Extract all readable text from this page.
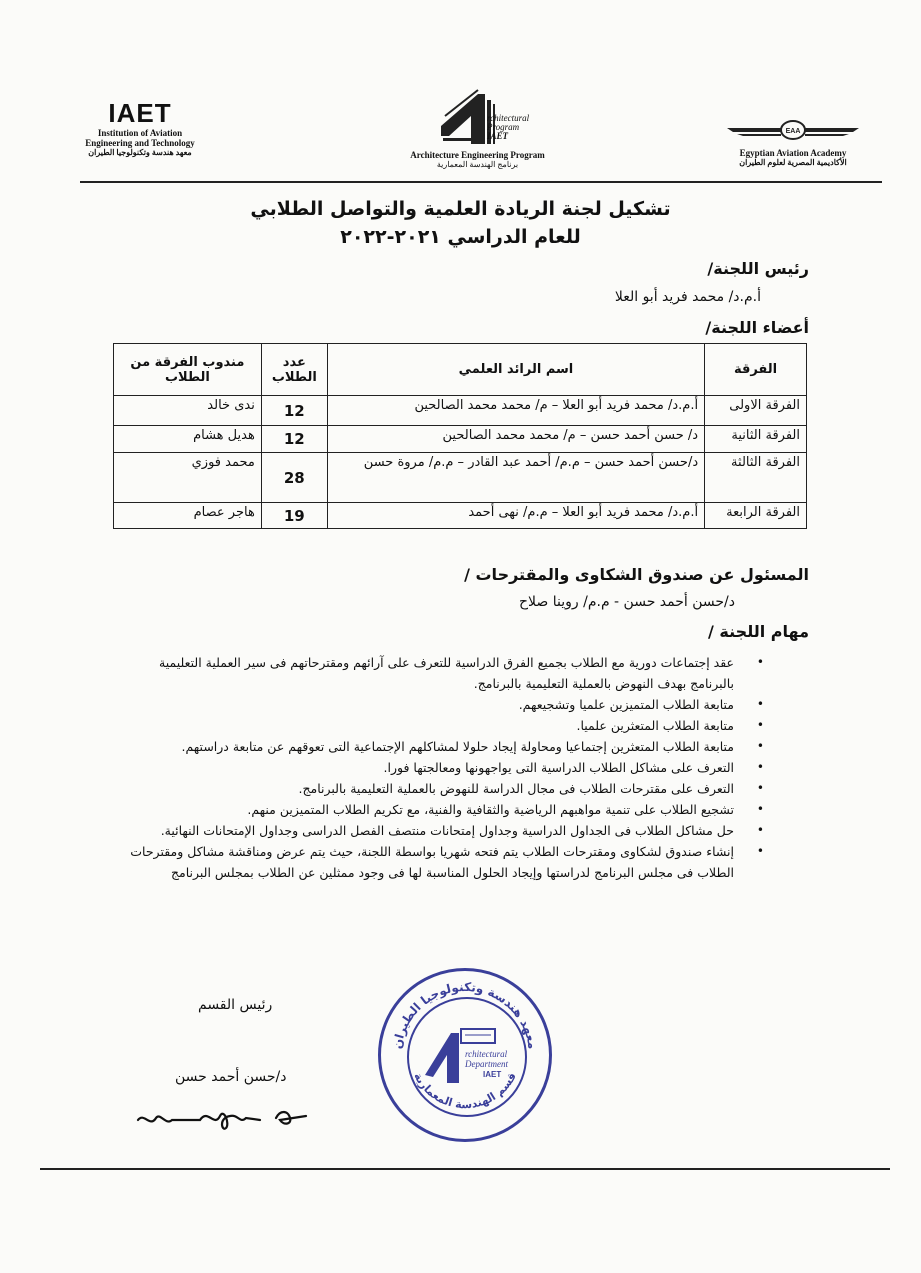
IAET
Institution of Aviation
Engineering and Technology
معهد هندسة وتكنولوجيا الطيران
rchitectural
Program
IAET
Architecture Engineering Program
برنامج الهندسة المعمارية
EAA
Egyptian Aviation Academy
الأكاديمية المصرية لعلوم الطيران
تشكيل لجنة الريادة العلمية والتواصل الطلابي
للعام الدراسي ٢٠٢١-٢٠٢٢
رئيس اللجنة/
أ.م.د/ محمد فريد أبو العلا
أعضاء اللجنة/
الفرقة	اسم الرائد العلمي	عدد الطلاب	مندوب الفرقة من الطلاب
الفرقة الاولى	أ.م.د/ محمد فريد أبو العلا – م/ محمد محمد الصالحين	12	ندى خالد
الفرقة الثانية	د/ حسن أحمد حسن – م/ محمد محمد الصالحين	12	هديل هشام
الفرقة الثالثة	د/حسن أحمد حسن – م.م/ أحمد عبد القادر – م.م/ مروة حسن	28	محمد فوزي
الفرقة الرابعة	أ.م.د/ محمد فريد أبو العلا – م.م/ نهى أحمد	19	هاجر عصام
المسئول عن صندوق الشكاوى والمقترحات /
د/حسن أحمد حسن - م.م/ روينا صلاح
مهام اللجنة /
•
عقد إجتماعات دورية مع الطلاب بجميع الفرق الدراسية للتعرف على آرائهم ومقترحاتهم فى سير العملية التعليمية بالبرنامج بهدف النهوض بالعملية التعليمية بالبرنامج.
•
متابعة الطلاب المتميزين علميا وتشجيعهم.
•
متابعة الطلاب المتعثرين علميا.
•
متابعة الطلاب المتعثرين إجتماعيا ومحاولة إيجاد حلولا لمشاكلهم الإجتماعية التى تعوقهم عن متابعة دراستهم.
•
التعرف على مشاكل الطلاب الدراسية التى يواجهونها ومعالجتها فورا.
•
التعرف على مقترحات الطلاب فى مجال الدراسة للنهوض بالعملية التعليمية بالبرنامج.
•
تشجيع الطلاب على تنمية مواهبهم الرياضية والثقافية والفنية، مع تكريم الطلاب المتميزين منهم.
•
حل مشاكل الطلاب فى الجداول الدراسية وجداول إمتحانات منتصف الفصل الدراسى وجداول الإمتحانات النهائية.
•
إنشاء صندوق لشكاوى ومقترحات الطلاب يتم فتحه شهريا بواسطة اللجنة، حيث يتم عرض ومناقشة مشاكل ومقترحات الطلاب فى مجلس البرنامج لدراستها وإيجاد الحلول المناسبة لها فى وجود ممثلين عن الطلاب بمجلس البرنامج
رئيس القسم
د/حسن أحمد حسن
معهد هندسة وتكنولوجيا الطيران
قسم الهندسة المعمارية
rchitectural
Department
IAET
